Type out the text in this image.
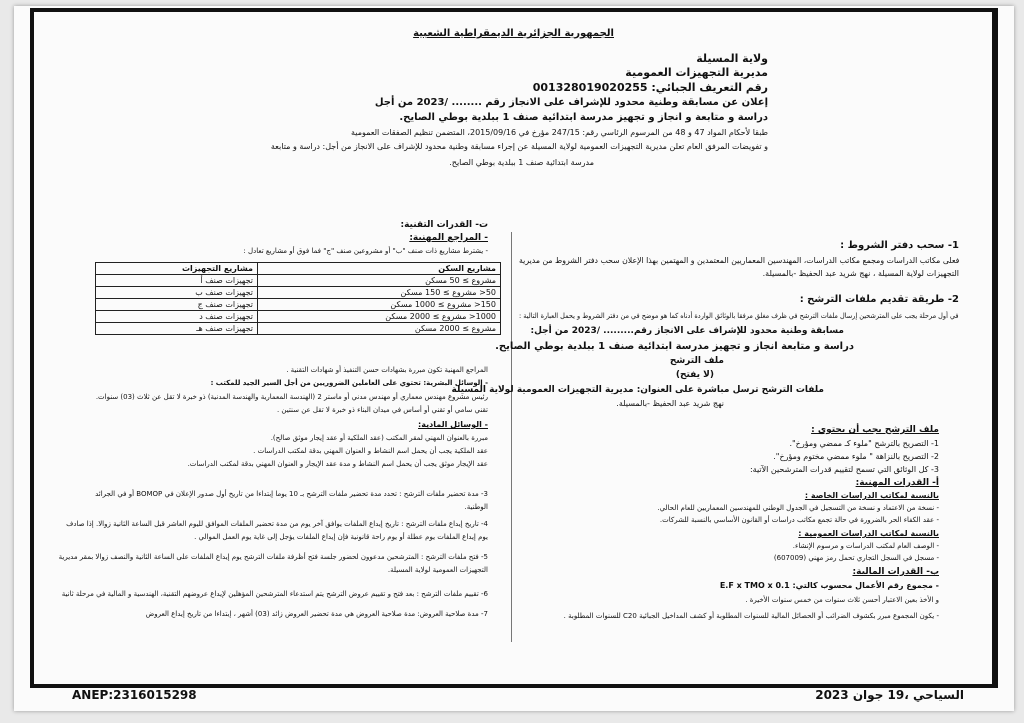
الجمهورية الجزائرية الديمقراطية الشعبية
ولاية المسيلة
مديرية التجهيزات العمومية
رقم التعريف الجبائي: 001328019020255
إعلان عن مسابقة وطنية محدود للإشراف على الانجاز رقم ........ /2023 من أجل
دراسة و متابعة و انجاز و تجهيز مدرسة ابتدائية صنف 1 ببلدية بوطي الصايح.
طبقا لأحكام المواد 47 و 48 من المرسوم الرئاسي رقم: 247/15 مؤرخ في 2015/09/16، المتضمن تنظيم الصفقات العمومية
و تفويضات المرفق العام تعلن مديرية التجهيزات العمومية لولاية المسيلة عن إجراء مسابقة وطنية محدود للإشراف على الانجاز من أجل: دراسة و متابعة
مدرسة ابتدائية صنف 1 ببلدية بوطي الصايح.
1- سحب دفتر الشروط :
فعلى مكاتب الدراسات ومجمع مكاتب الدراسات، المهندسين المعماريين المعتمدين و المهتمين بهذا الإعلان سحب دفتر الشروط من مديرية
التجهيزات لولاية المسيلة ، نهج شريد عبد الحفيظ -بالمسيلة.
2- طريقة تقديم ملفات الترشح :
في أول مرحلة يجب على المترشحين إرسال ملفات الترشح في ظرف مغلق مرفقا بالوثائق الواردة أدناه كما هو موضح في من دفتر الشروط و يحمل العبارة التالية :
مسابقة وطنية محدود للإشراف على الانجاز رقم......... /2023 من أجل:
دراسة و متابعة انجاز و تجهيز مدرسة ابتدائية صنف 1 ببلدية بوطي الصايح.
ملف الترشح
(لا يفتح)
ملفات الترشح ترسل مباشرة على العنوان: مديرية التجهيزات العمومية لولاية المسيلة
نهج شريد عبد الحفيظ -بالمسيلة.
ملف الترشح يجب أن يحتوي :
1- التصريح بالترشح "ملوء كـ ممضي ومؤرخ".
2- التصريح بالنزاهة " ملوء ممضي مختوم ومؤرخ".
3- كل الوثائق التي تسمح لتقييم قدرات المترشحين الآتية:
أ- القدرات المهنية:
بالنسبة لمكاتب الدراسات الخاصة :
- نسخة من الاعتماد و نسخة من التسجيل في الجدول الوطني للمهندسين المعماريين للعام الحالي.
- عقد الكفاء الحر بالضرورة في حالة تجمع مكاتب دراسات أو القانون الأساسي بالنسبة للشركات.
بالنسبة لمكاتب الدراسات العمومية :
- الوصف العام لمكتب الدراسات و مرسوم الإنشاء.
- مسجل في السجل التجاري تحمل رمز مهني (607009)
ب- القدرات المالية:
- مجموع رقم الأعمال محسوب كالتي: E.F x TMO x 0.1
و الأخذ بعين الاعتبار أحسن ثلاث سنوات من خمس سنوات الأخيرة .
- يكون المجموع مبرر بكشوف الضرائب أو الحصائل المالية للسنوات المطلوبة أو كشف المداخيل الجبائية C20 للسنوات المطلوبة .
ت- القدرات التقنية:
- المراجع المهنية:
- يشترط مشاريع ذات صنف "ب" أو مشروعين صنف "ج" فما فوق أو مشاريع تعادل :
مشاريع السكن	مشاريع التجهيزات
مشروع ≥ 50 مسكن	تجهيزات صنف أ
50< مشروع ≥ 150 مسكن	تجهيزات صنف ب
150< مشروع ≥ 1000 مسكن	تجهيزات صنف ج
1000< مشروع ≥ 2000 مسكن	تجهيزات صنف د
مشروع ≥ 2000 مسكن	تجهيزات صنف هـ
المراجع المهنية تكون مبررة بشهادات حسن التنفيذ أو شهادات التقنية .
- الوسائل البشرية: تحتوي على العاملين الضروريين من أجل السير الجيد للمكتب :
رئيس مشروع مهندس معماري أو مهندس مدني أو ماستر 2 (الهندسة المعمارية والهندسة المدنية) ذو خبرة لا تقل عن ثلاث (03) سنوات.
تقني سامي أو تقني أو أساس في ميدان البناء ذو خبرة لا تقل عن سنتين .
- الوسائل المادية:
مبررة بالعنوان المهني لمقر المكتب (عقد الملكية أو عقد إيجار موثق صالح).
عقد الملكية يجب أن يحمل اسم النشاط و العنوان المهني بدقة لمكتب الدراسات .
عقد الإيجار موثق يجب أن يحمل اسم النشاط و مدة عقد الإيجار و العنوان المهني بدقة لمكتب الدراسات.
3- مدة تحضير ملفات الترشح : تحدد مدة تحضير ملفات الترشح بـ 10 يوما إبتداءا من تاريخ أول صدور الإعلان في BOMOP أو في الجرائد
الوطنية.
4- تاريخ إيداع ملفات الترشح : تاريخ إيداع الملفات يوافق آخر يوم من مدة تحضير الملفات الموافق لليوم العاشر قبل الساعة الثانية زوالا. إذا صادف
يوم إيداع الملفات يوم عطلة أو يوم راحة قانونية فإن إيداع الملفات يؤجل إلى غاية يوم العمل الموالي .
5- فتح ملفات الترشح : المترشحين مدعوون لحضور جلسة فتح أظرفة ملفات الترشح يوم إيداع الملفات على الساعة الثانية والنصف زوالا بمقر مديرية
التجهيزات العمومية لولاية المسيلة.
6- تقييم ملفات الترشح : بعد فتح و تقييم عروض الترشح يتم استدعاء المترشحين المؤهلين لإيداع عروضهم التقنية، الهندسية و المالية في مرحلة ثانية
7- مدة صلاحية العروض: مدة صلاحية العروض هي مدة تحضير العروض زائد (03) أشهر ، إبتداءا من تاريخ إيداع العروض
ANEP:2316015298	السياحي ،19 جوان 2023
